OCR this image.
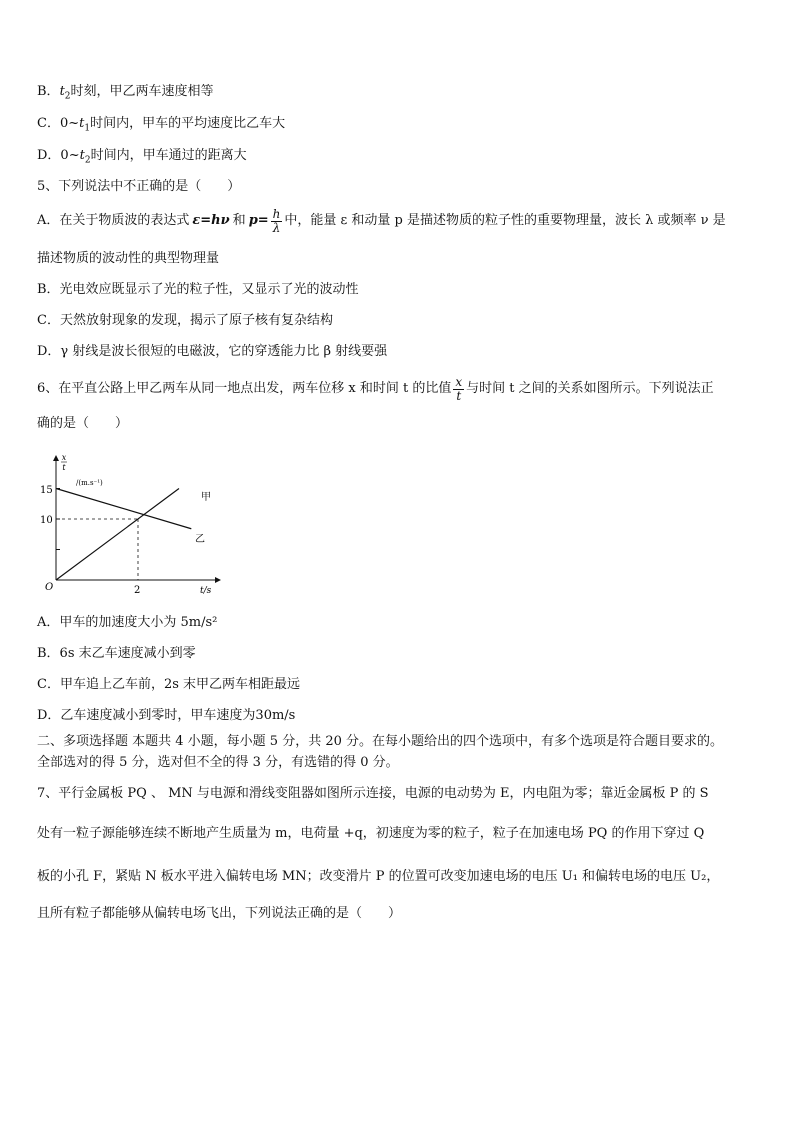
B．$t_2$时刻，甲乙两车速度相等
C．$0\sim t_1$时间内，甲车的平均速度比乙车大
D．$0\sim t_2$时间内，甲车通过的距离大
5、下列说法中不正确的是（　　）
A．在关于物质波的表达式 ε=hν 和 $p= \frac{h}{\lambda}$ 中，能量 ε 和动量 p 是描述物质的粒子性的重要物理量，波长 λ 或频率 ν 是
描述物质的波动性的典型物理量
B．光电效应既显示了光的粒子性，又显示了光的波动性
C．天然放射现象的发现，揭示了原子核有复杂结构
D．γ 射线是波长很短的电磁波，它的穿透能力比 β 射线要强
6、在平直公路上甲乙两车从同一地点出发，两车位移 x 和时间 t 的比值 $\frac{x}{t}$ 与时间 t 之间的关系如图所示。下列说法正
确的是（　　）
x
t
/(m.s⁻¹)
15
10
O	2	t/s
甲
乙
A．甲车的加速度大小为 5m/s²
B．6s 末乙车速度减小到零
C．甲车追上乙车前，2s 末甲乙两车相距最远
D．乙车速度减小到零时，甲车速度为30m/s
二、多项选择题 本题共 4 小题，每小题 5 分，共 20 分。在每小题给出的四个选项中，有多个选项是符合题目要求的。
全部选对的得 5 分，选对但不全的得 3 分，有选错的得 0 分。
7、平行金属板 PQ 、 MN 与电源和滑线变阻器如图所示连接，电源的电动势为 E，内电阻为零；靠近金属板 P 的 S
处有一粒子源能够连续不断地产生质量为 m，电荷量 +q，初速度为零的粒子，粒子在加速电场 PQ 的作用下穿过 Q
板的小孔 F，紧贴 N 板水平进入偏转电场 MN；改变滑片 P 的位置可改变加速电场的电压 U₁ 和偏转电场的电压 U₂，
且所有粒子都能够从偏转电场飞出，下列说法正确的是（　　）
